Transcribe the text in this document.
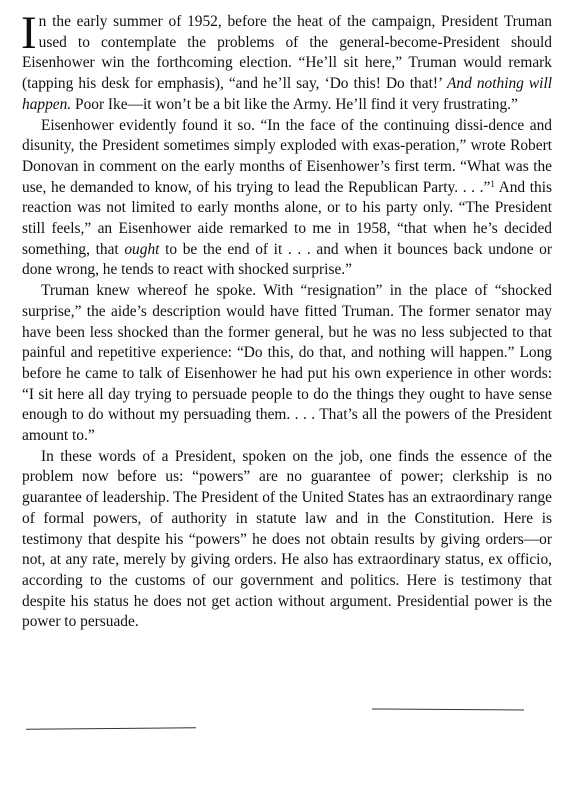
In the early summer of 1952, before the heat of the campaign, President Truman used to contemplate the problems of the general-become-President should Eisenhower win the forthcoming election. “He’ll sit here,” Truman would remark (tapping his desk for emphasis), “and he’ll say, ‘Do this! Do that!’ And nothing will happen. Poor Ike—it won’t be a bit like the Army. He’ll find it very frustrating.”

Eisenhower evidently found it so. “In the face of the continuing dissi-dence and disunity, the President sometimes simply exploded with exas-peration,” wrote Robert Donovan in comment on the early months of Eisenhower’s first term. “What was the use, he demanded to know, of his trying to lead the Republican Party. . . .”$^1$ And this reaction was not limited to early months alone, or to his party only. “The President still feels,” an Eisenhower aide remarked to me in 1958, “that when he’s decided something, that ought to be the end of it . . . and when it bounces back undone or done wrong, he tends to react with shocked surprise.”

Truman knew whereof he spoke. With “resignation” in the place of “shocked surprise,” the aide’s description would have fitted Truman. The former senator may have been less shocked than the former general, but he was no less subjected to that painful and repetitive experience: “Do this, do that, and nothing will happen.” Long before he came to talk of Eisenhower he had put his own experience in other words: “I sit here all day trying to persuade people to do the things they ought to have sense enough to do without my persuading them. . . . That’s all the powers of the President amount to.”

In these words of a President, spoken on the job, one finds the essence of the problem now before us: “powers” are no guarantee of power; clerkship is no guarantee of leadership. The President of the United States has an extraordinary range of formal powers, of authority in statute law and in the Constitution. Here is testimony that despite his “powers” he does not obtain results by giving orders—or not, at any rate, merely by giving orders. He also has extraordinary status, ex officio, according to the customs of our government and politics. Here is testimony that despite his status he does not get action without argument. Presidential power is the power to persuade.
